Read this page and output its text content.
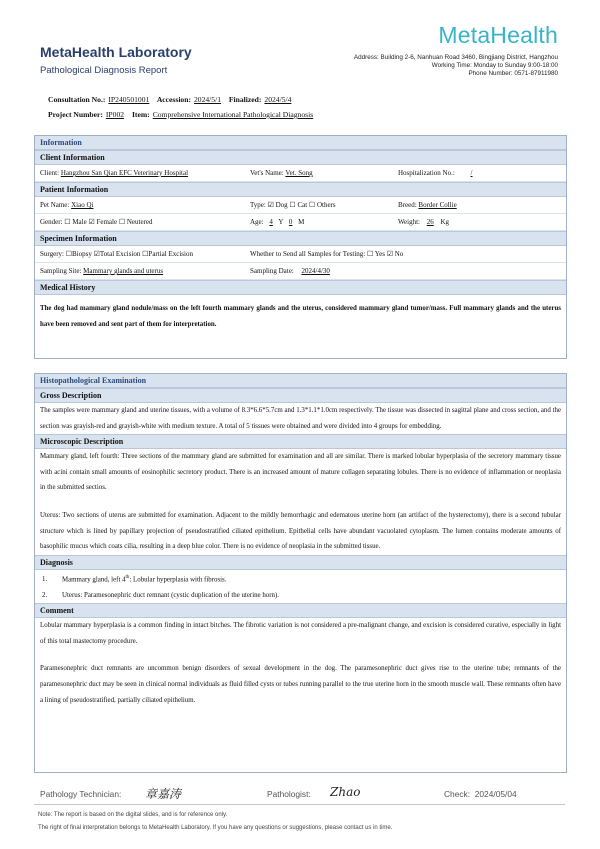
MetaHealth Laboratory
Pathological Diagnosis Report
MetaHealth
Address: Building 2-6, Nanhuan Road 3460, Bingjiang District, Hangzhou
Working Time: Monday to Sunday 9:00-18:00
Phone Number: 0571-87911980
Consultation No.: IP240501001 Accession: 2024/5/1 Finalized: 2024/5/4
Project Number: IP002 Item: Comprehensive International Pathological Diagnosis
Information
Client Information
Client: Hangzhou San Qian EFC Veterinary Hospital	Vet's Name: Vet. Song	Hospitalization No.: /
Patient Information
Pet Name: Xiao Qi	Type: ☑ Dog ☐ Cat ☐ Others	Breed: Border Collie
Gender: ☐ Male ☑ Female ☐ Neutered	Age: 4 Y 0 M	Weight: 26 Kg
Specimen Information
Surgery: ☐Biopsy ☑Total Excision ☐Partial Excision	Whether to Send all Samples for Testing: ☐ Yes ☑ No
Sampling Site: Mammary glands and uterus	Sampling Date: 2024/4/30
Medical History
The dog had mammary gland nodule/mass on the left fourth mammary glands and the uterus, considered mammary gland tumor/mass. Full mammary glands and the uterus have been removed and sent part of them for interpretation.
Histopathological Examination
Gross Description
The samples were mammary gland and uterine tissues, with a volume of 8.3*6.6*5.7cm and 1.3*1.1*1.0cm respectively. The tissue was dissected in sagittal plane and cross section, and the section was grayish-red and grayish-white with medium texture. A total of 5 tissues were obtained and were divided into 4 groups for embedding.
Microscopic Description
Mammary gland, left fourth: Three sections of the mammary gland are submitted for examination and all are similar. There is marked lobular hyperplasia of the secretory mammary tissue with acini contain small amounts of eosinophilic secretory product. There is an increased amount of mature collagen separating lobules. There is no evidence of inflammation or neoplasia in the submitted sectios.
Uterus: Two sections of uterus are submitted for examination. Adjacent to the mildly hemorrhagic and edematous uterine horn (an artifact of the hysterectomy), there is a second tubular structure which is lined by papillary projection of pseudostratified ciliated epithelium. Epithelial cells have abundant vacuolated cytoplasm. The lumen contains moderate amounts of basophilic mucus which coats cilia, resulting in a deep blue color. There is no evidence of neoplasia in the submitted tissue.
Diagnosis
1. Mammary gland, left 4th: Lobular hyperplasia with fibrosis.
2. Uterus: Paramesonephric duct remnant (cystic duplication of the uterine horn).
Comment
Lobular mammary hyperplasia is a common finding in intact bitches. The fibrotic variation is not considered a pre-malignant change, and excision is considered curative, especially in light of this total mastectomy procedure.
Paramesonephric duct remnants are uncommon benign disorders of sexual development in the dog. The paramesonephric duct gives rise to the uterine tube; remnants of the paramesonephric duct may be seen in clinical normal individuals as fluid filled cysts or tubes running parallel to the true uterine horn in the smooth muscle wall. These remnants often have a lining of pseudostratified, partially ciliated epithelium.
Pathology Technician: 章嘉涛	Pathologist: Zhao	Check: 2024/05/04
Note: The report is based on the digital slides, and is for reference only.
The right of final interpretation belongs to MetaHealth Laboratory. If you have any questions or suggestions, please contact us in time.
